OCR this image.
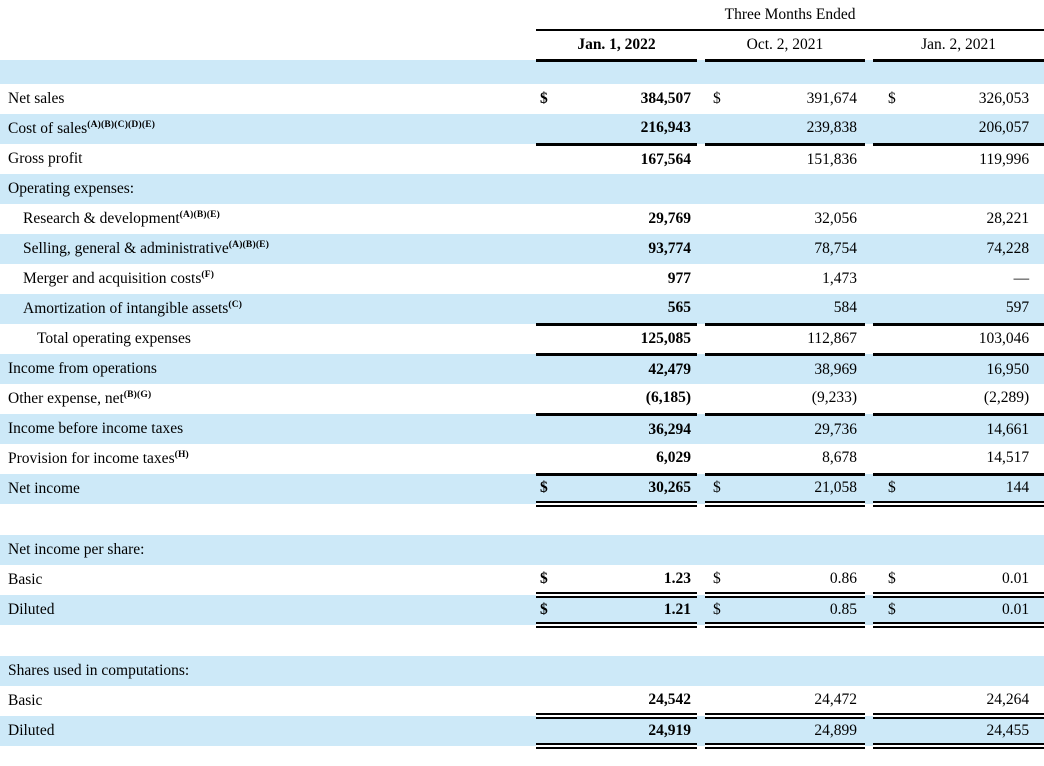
	Three Months Ended							
	Jan. 1, 2022			Oct. 2, 2021			Jan. 2, 2021	

Net sales	$	384,507		$	391,674		$	326,053
Cost of sales$^{(A)(B)(C)(D)(E)}$		216,943			239,838			206,057
Gross profit		167,564			151,836			119,996
Operating expenses:								
Research & development$^{(A)(B)(E)}$		29,769			32,056			28,221
Selling, general & administrative$^{(A)(B)(E)}$		93,774			78,754			74,228
Merger and acquisition costs$^{(F)}$		977			1,473			—
Amortization of intangible assets$^{(C)}$		565			584			597
Total operating expenses		125,085			112,867			103,046
Income from operations		42,479			38,969			16,950
Other expense, net$^{(B)(G)}$		(6,185)			(9,233)			(2,289)
Income before income taxes		36,294			29,736			14,661
Provision for income taxes$^{(H)}$		6,029			8,678			14,517
Net income	$	30,265		$	21,058		$	144

Net income per share:								
Basic	$	1.23		$	0.86		$	0.01
Diluted	$	1.21		$	0.85		$	0.01

Shares used in computations:								
Basic		24,542			24,472			24,264
Diluted		24,919			24,899			24,455
